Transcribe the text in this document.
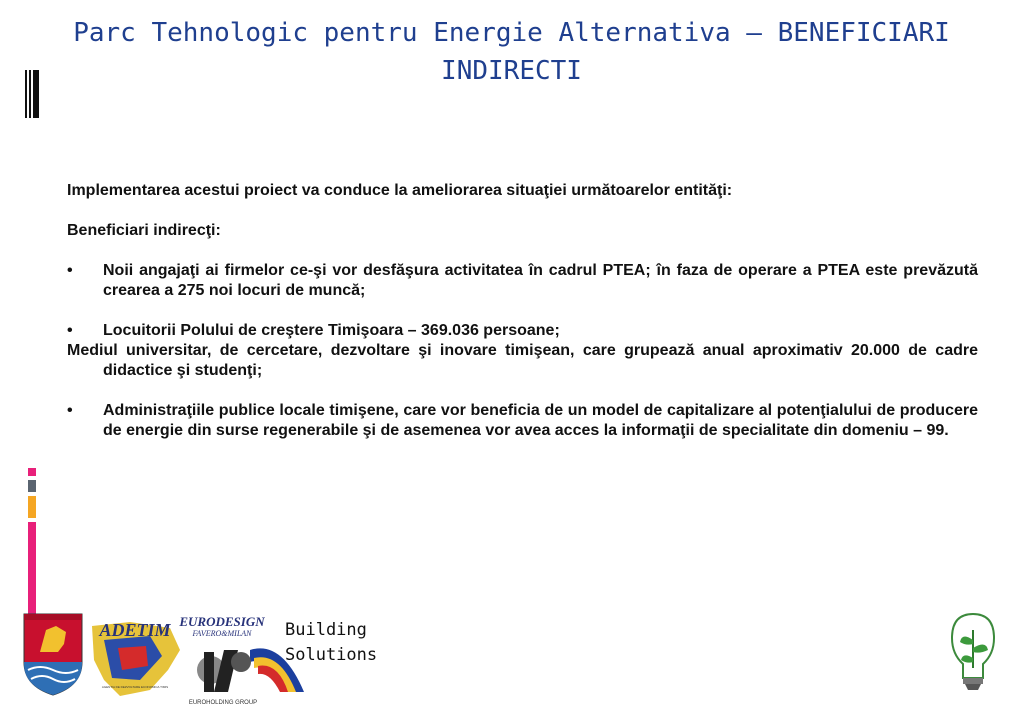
Parc Tehnologic pentru Energie Alternativa – BENEFICIARI
INDIRECTI

Implementarea acestui proiect va conduce la ameliorarea situaţiei următoarelor entităţi:

Beneficiari indirecţi:

• Noii angajaţi ai firmelor ce-şi vor desfăşura activitatea în cadrul PTEA; în faza de operare a PTEA este prevăzută crearea a 275 noi locuri de muncă;
• Locuitorii Polului de creştere Timişoara – 369.036 persoane;

Mediul universitar, de cercetare, dezvoltare şi inovare timişean, care grupează anual aproximativ 20.000 de cadre didactice şi studenţi;

• Administraţiile publice locale timişene, care vor beneficia de un model de capitalizare al potenţialului de producere de energie din surse regenerabile şi de asemenea vor avea acces la informaţii de specialitate din domeniu – 99.
ADETIM
AGENTIA DE DEZVOLTARE ECONOMICA TIMIS
EURODESIGN
FAVERO&MILAN
EUROHOLDING GROUP
Building
Solutions
